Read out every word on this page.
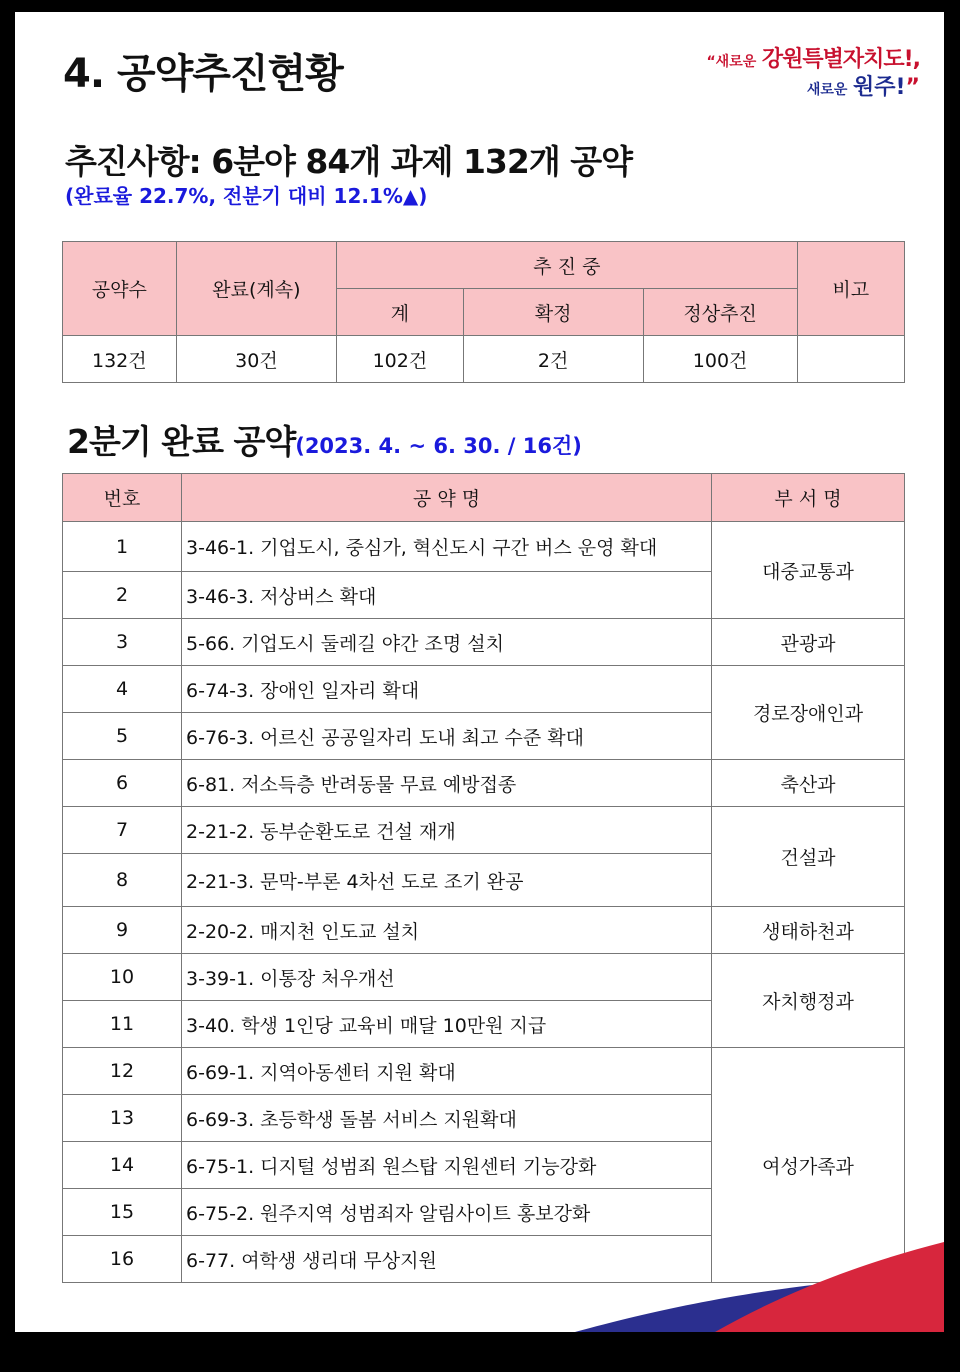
4. 공약추진현황	“새로운 강원특별자치도!,
새로운 원주!”
추진사항: 6분야 84개 과제 132개 공약
(완료율 22.7%, 전분기 대비 12.1%▲)
공약수	완료(계속)	추 진 중			비고
		계	확정	정상추진	
132건	30건	102건	2건	100건	
2분기 완료 공약(2023. 4. ~ 6. 30. / 16건)
번호	공 약 명	부 서 명
1	3-46-1. 기업도시, 중심가, 혁신도시 구간 버스 운영 확대	대중교통과
2	3-46-3. 저상버스 확대	
3	5-66. 기업도시 둘레길 야간 조명 설치	관광과
4	6-74-3. 장애인 일자리 확대	경로장애인과
5	6-76-3. 어르신 공공일자리 도내 최고 수준 확대	
6	6-81. 저소득층 반려동물 무료 예방접종	축산과
7	2-21-2. 동부순환도로 건설 재개	건설과
8	2-21-3. 문막-부론 4차선 도로 조기 완공	
9	2-20-2. 매지천 인도교 설치	생태하천과
10	3-39-1. 이통장 처우개선	자치행정과
11	3-40. 학생 1인당 교육비 매달 10만원 지급	
12	6-69-1. 지역아동센터 지원 확대	여성가족과
13	6-69-3. 초등학생 돌봄 서비스 지원확대	
14	6-75-1. 디지털 성범죄 원스탑 지원센터 기능강화	
15	6-75-2. 원주지역 성범죄자 알림사이트 홍보강화	
16	6-77. 여학생 생리대 무상지원	
